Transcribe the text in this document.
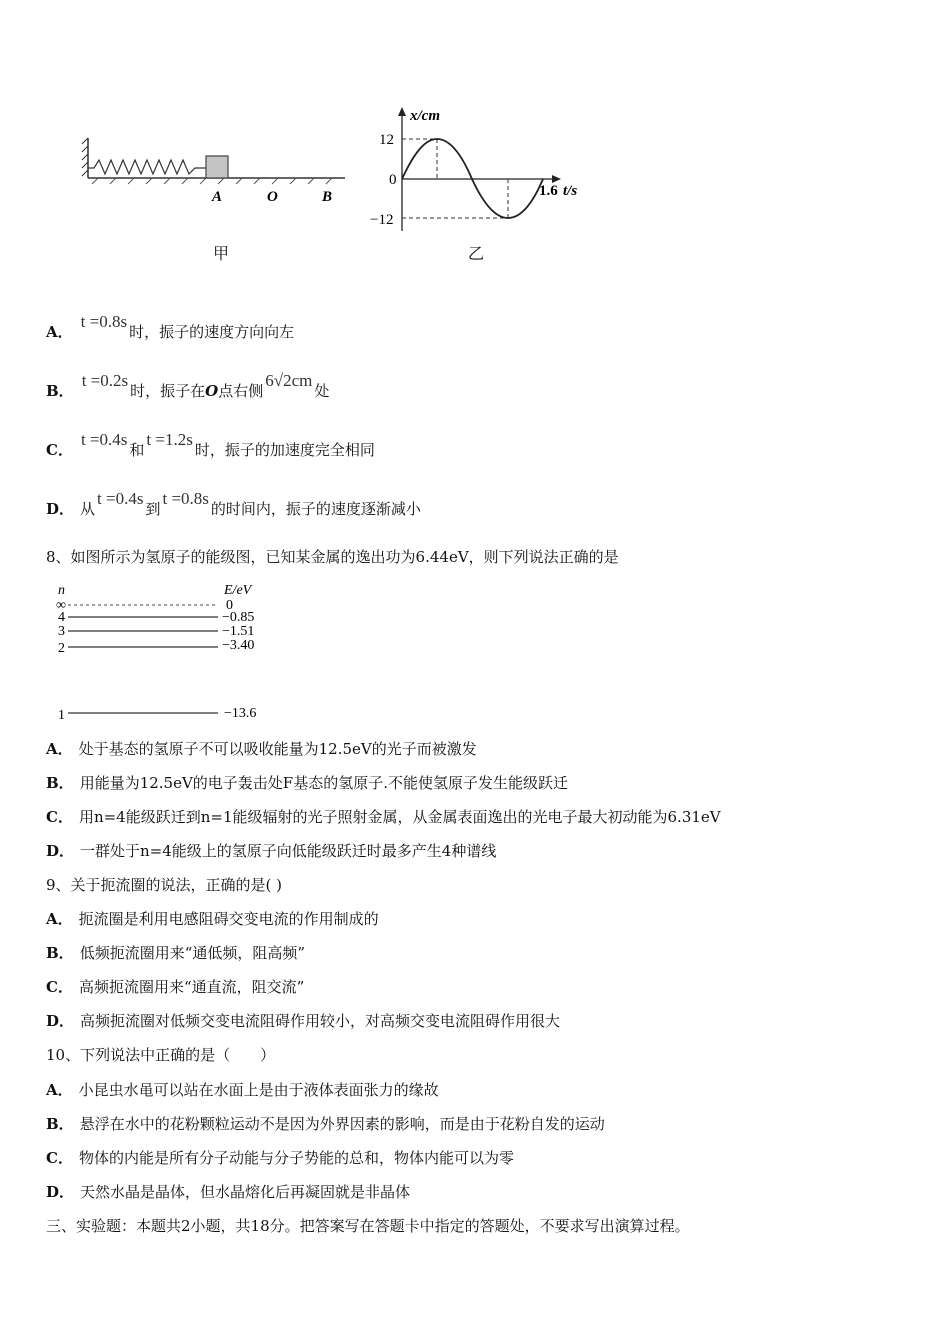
A	O	B
甲
x/cm
12
0
−12
1.6 t/s
乙
A．t =0.8s时，振子的速度方向向左
B．t =0.2s时，振子在O点右侧6√2cm处
C．t =0.4s和t =1.2s时，振子的加速度完全相同
D． 从t =0.4s到t =0.8s的时间内，振子的速度逐渐减小
8、如图所示为氢原子的能级图，已知某金属的逸出功为6.44eV，则下列说法正确的是
n	E/eV
∞	0
4	−0.85
3	−1.51
2	−3.40
1	−13.6
A． 处于基态的氢原子不可以吸收能量为12.5eV的光子而被激发
B． 用能量为12.5eV的电子轰击处F基态的氢原子.不能使氢原子发生能级跃迁
C． 用n=4能级跃迁到n=1能级辐射的光子照射金属，从金属表面逸出的光电子最大初动能为6.31eV
D． 一群处于n=4能级上的氢原子向低能级跃迁时最多产生4种谱线
9、关于扼流圈的说法，正确的是( )
A． 扼流圈是利用电感阻碍交变电流的作用制成的
B． 低频扼流圈用来“通低频，阻高频”
C． 高频扼流圈用来“通直流，阻交流”
D． 高频扼流圈对低频交变电流阻碍作用较小，对高频交变电流阻碍作用很大
10、下列说法中正确的是（　　）
A． 小昆虫水黾可以站在水面上是由于液体表面张力的缘故
B． 悬浮在水中的花粉颗粒运动不是因为外界因素的影响，而是由于花粉自发的运动
C． 物体的内能是所有分子动能与分子势能的总和，物体内能可以为零
D． 天然水晶是晶体，但水晶熔化后再凝固就是非晶体
三、实验题：本题共2小题，共18分。把答案写在答题卡中指定的答题处，不要求写出演算过程。
